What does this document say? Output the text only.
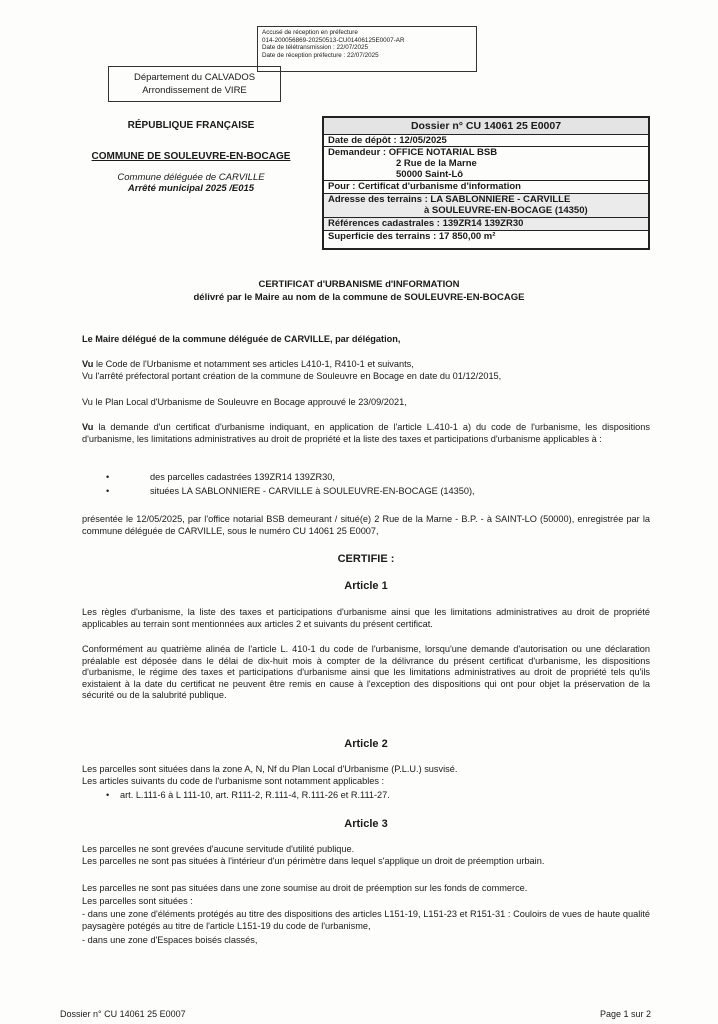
Accusé de réception en préfecture
014-200056869-20250513-CU01406125E0007-AR
Date de télétransmission : 22/07/2025
Date de réception préfecture : 22/07/2025
Département du CALVADOS
Arrondissement de VIRE
RÉPUBLIQUE FRANÇAISE
COMMUNE DE SOULEUVRE-EN-BOCAGE
Commune déléguée de CARVILLE
Arrêté municipal 2025 /E015
Dossier n° CU 14061 25 E0007
Date de dépôt : 12/05/2025
Demandeur : OFFICE NOTARIAL BSB
2 Rue de la Marne
50000 Saint-Lô
Pour : Certificat d'urbanisme d'information
Adresse des terrains : LA SABLONNIERE - CARVILLE
à SOULEUVRE-EN-BOCAGE (14350)
Références cadastrales : 139ZR14 139ZR30
Superficie des terrains : 17 850,00 m²
CERTIFICAT d'URBANISME d'INFORMATION
délivré par le Maire au nom de la commune de SOULEUVRE-EN-BOCAGE
Le Maire délégué de la commune déléguée de CARVILLE, par délégation,
Vu le Code de l'Urbanisme et notamment ses articles L410-1, R410-1 et suivants,
Vu l'arrêté préfectoral portant création de la commune de Souleuvre en Bocage en date du 01/12/2015,
Vu le Plan Local d'Urbanisme de Souleuvre en Bocage approuvé le 23/09/2021,
Vu la demande d'un certificat d'urbanisme indiquant, en application de l'article L.410-1 a) du code de l'urbanisme, les dispositions d'urbanisme, les limitations administratives au droit de propriété et la liste des taxes et participations d'urbanisme applicables à :
•	des parcelles cadastrées 139ZR14 139ZR30,
•	situées LA SABLONNIERE - CARVILLE à SOULEUVRE-EN-BOCAGE (14350),
présentée le 12/05/2025, par l'office notarial BSB demeurant / situé(e) 2 Rue de la Marne - B.P. - à SAINT-LO (50000), enregistrée par la commune déléguée de CARVILLE, sous le numéro CU 14061 25 E0007,
CERTIFIE :
Article 1
Les règles d'urbanisme, la liste des taxes et participations d'urbanisme ainsi que les limitations administratives au droit de propriété applicables au terrain sont mentionnées aux articles 2 et suivants du présent certificat.
Conformément au quatrième alinéa de l'article L. 410-1 du code de l'urbanisme, lorsqu'une demande d'autorisation ou une déclaration préalable est déposée dans le délai de dix-huit mois à compter de la délivrance du présent certificat d'urbanisme, les dispositions d'urbanisme, le régime des taxes et participations d'urbanisme ainsi que les limitations administratives au droit de propriété tels qu'ils existaient à la date du certificat ne peuvent être remis en cause à l'exception des dispositions qui ont pour objet la préservation de la sécurité ou de la salubrité publique.
Article 2
Les parcelles sont situées dans la zone A, N, Nf du Plan Local d'Urbanisme (P.L.U.) susvisé.
Les articles suivants du code de l'urbanisme sont notamment applicables :
• art. L.111-6 à L 111-10, art. R111-2, R.111-4, R.111-26 et R.111-27.
Article 3
Les parcelles ne sont grevées d'aucune servitude d'utilité publique.
Les parcelles ne sont pas situées à l'intérieur d'un périmètre dans lequel s'applique un droit de préemption urbain.
Les parcelles ne sont pas situées dans une zone soumise au droit de préemption sur les fonds de commerce.
Les parcelles sont situées :
- dans une zone d'éléments protégés au titre des dispositions des articles L151-19, L151-23 et R151-31 : Couloirs de vues de haute qualité paysagère potégés au titre de l'article L151-19 du code de l'urbanisme,
- dans une zone d'Espaces boisés classés,
Dossier n° CU 14061 25 E0007	Page 1 sur 2
